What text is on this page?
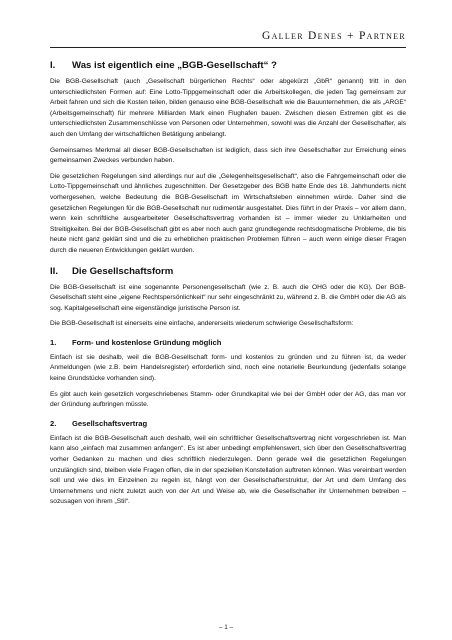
Galler Denes + Partner
I.	Was ist eigentlich eine „BGB-Gesellschaft“ ?

Die BGB-Gesellschaft (auch „Gesellschaft bürgerlichen Rechts“ oder abgekürzt „GbR“ genannt) tritt in den unterschiedlichsten Formen auf: Eine Lotto-Tippgemeinschaft oder die Arbeitskollegen, die jeden Tag gemeinsam zur Arbeit fahren und sich die Kosten teilen, bilden genauso eine BGB-Gesellschaft wie die Bauunternehmen, die als „ARGE“ (Arbeitsgemeinschaft) für mehrere Milliarden Mark einen Flughafen bauen. Zwischen diesen Extremen gibt es die unterschiedlichsten Zusammenschlüsse von Personen oder Unternehmen, sowohl was die Anzahl der Gesellschafter, als auch den Umfang der wirtschaftlichen Betätigung anbelangt.

Gemeinsames Merkmal all dieser BGB-Gesellschaften ist lediglich, dass sich ihre Gesellschafter zur Erreichung eines gemeinsamen Zweckes verbunden haben.

Die gesetzlichen Regelungen sind allerdings nur auf die „Gelegenheitsgesellschaft“, also die Fahrgemeinschaft oder die Lotto-Tippgemeinschaft und ähnliches zugeschnitten. Der Gesetzgeber des BGB hatte Ende des 18. Jahrhunderts nicht vorhergesehen, welche Bedeutung die BGB-Gesellschaft im Wirtschaftsleben einnehmen würde. Daher sind die gesetzlichen Regelungen für die BGB-Gesellschaft nur rudimentär ausgestaltet. Dies führt in der Praxis – vor allem dann, wenn kein schriftliche ausgearbeiteter Gesellschaftsvertrag vorhanden ist – immer wieder zu Unklarheiten und Streitigkeiten. Bei der BGB-Gesellschaft gibt es aber noch auch ganz grundlegende rechtsdogmatische Probleme, die bis heute nicht ganz geklärt sind und die zu erheblichen praktischen Problemen führen – auch wenn einige dieser Fragen durch die neueren Entwicklungen geklärt wurden.

II.	Die Gesellschaftsform

Die BGB-Gesellschaft ist eine sogenannte Personengesellschaft (wie z. B. auch die OHG oder die KG). Der BGB-Gesellschaft steht eine „eigene Rechtspersönlichkeit“ nur sehr eingeschränkt zu, während z. B. die GmbH oder die AG als sog. Kapitalgesellschaft eine eigenständige juristische Person ist.

Die BGB-Gesellschaft ist einerseits eine einfache, andererseits wiederum schwierige Gesellschaftsform:

1.	Form- und kostenlose Gründung möglich

Einfach ist sie deshalb, weil die BGB-Gesellschaft form- und kostenlos zu gründen und zu führen ist, da weder Anmeldungen (wie z.B. beim Handelsregister) erforderlich sind, noch eine notarielle Beurkundung (jedenfalls solange keine Grundstücke vorhanden sind).

Es gibt auch kein gesetzlich vorgeschriebenes Stamm- oder Grundkapital wie bei der GmbH oder der AG, das man vor der Gründung aufbringen müsste.

2.	Gesellschaftsvertrag

Einfach ist die BGB-Gesellschaft auch deshalb, weil ein schriftlicher Gesellschaftsvertrag nicht vorgeschrieben ist. Man kann also „einfach mal zusammen anfangen“. Es ist aber unbedingt empfehlenswert, sich über den Gesellschaftsvertrag vorher Gedanken zu machen und dies schriftlich niederzulegen. Denn gerade weil die gesetzlichen Regelungen unzulänglich sind, bleiben viele Fragen offen, die in der speziellen Konstellation auftreten können. Was vereinbart werden soll und wie dies im Einzelnen zu regeln ist, hängt von der Gesellschafterstruktur, der Art und dem Umfang des Unternehmens und nicht zuletzt auch von der Art und Weise ab, wie die Gesellschafter ihr Unternehmen betreiben – sozusagen von ihrem „Stil“.

– 1 –
